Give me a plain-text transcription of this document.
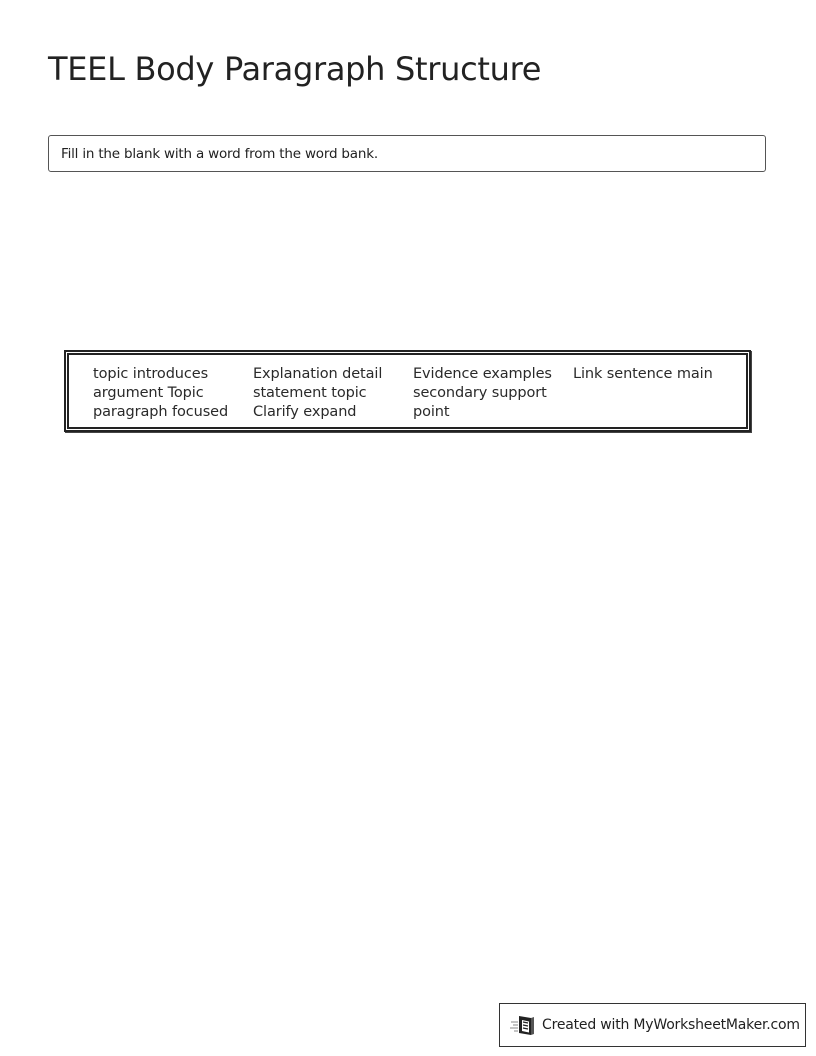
TEEL Body Paragraph Structure
Fill in the blank with a word from the word bank.
topic introduces
argument Topic
paragraph focused
Explanation detail
statement topic
Clarify expand
Evidence examples
secondary support
point
Link sentence main
Created with MyWorksheetMaker.com
